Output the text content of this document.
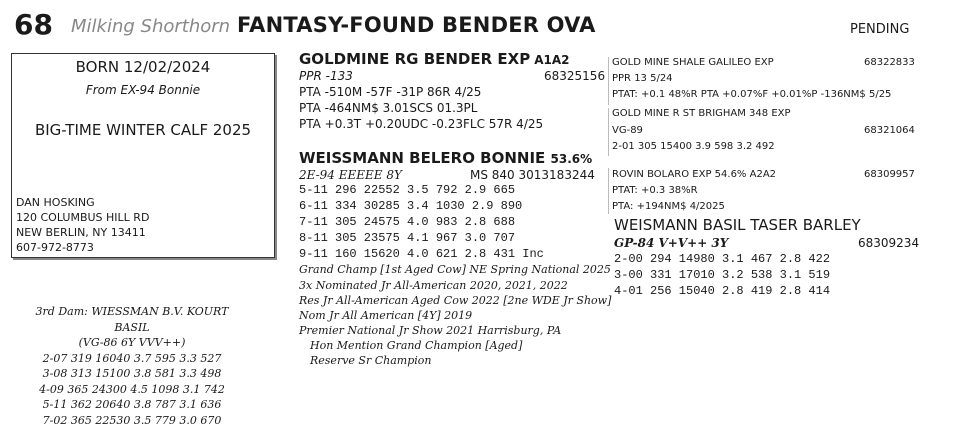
68 Milking Shorthorn FANTASY-FOUND BENDER OVA	PENDING
BORN 12/02/2024
From EX-94 Bonnie
BIG-TIME WINTER CALF 2025
DAN HOSKING
120 COLUMBUS HILL RD
NEW BERLIN, NY 13411
607-972-8773
3rd Dam: WIESSMAN B.V. KOURT BASIL
(VG-86 6Y VVV++)
2-07 319 16040 3.7 595 3.3 527
3-08 313 15100 3.8 581 3.3 498
4-09 365 24300 4.5 1098 3.1 742
5-11 362 20640 3.8 787 3.1 636
7-02 365 22530 3.5 779 3.0 670
GOLDMINE RG BENDER EXP A1A2
PPR -133	68325156
PTA -510M -57F -31P 86R 4/25
PTA -464NM$ 3.01SCS 01.3PL
PTA +0.3T +0.20UDC -0.23FLC 57R 4/25
WEISSMANN BELERO BONNIE 53.6%
2E-94 EEEEE 8Y	MS 840 3013183244
5-11 296 22552 3.5 792 2.9 665
6-11 334 30285 3.4 1030 2.9 890
7-11 305 24575 4.0 983 2.8 688
8-11 305 23575 4.1 967 3.0 707
9-11 160 15620 4.0 621 2.8 431 Inc
Grand Champ [1st Aged Cow] NE Spring National 2025
3x Nominated Jr All-American 2020, 2021, 2022
Res Jr All-American Aged Cow 2022 [2ne WDE Jr Show]
Nom Jr All American [4Y] 2019
Premier National Jr Show 2021 Harrisburg, PA
Hon Mention Grand Champion [Aged]
Reserve Sr Champion
GOLD MINE SHALE GALILEO EXP	68322833
PPR 13 5/24
PTAT: +0.1 48%R PTA +0.07%F +0.01%P -136NM$ 5/25
GOLD MINE R ST BRIGHAM 348 EXP
VG-89	68321064
2-01 305 15400 3.9 598 3.2 492
ROVIN BOLARO EXP 54.6% A2A2	68309957
PTAT: +0.3 38%R
PTA: +194NM$ 4/2025
WEISMANN BASIL TASER BARLEY
GP-84 V+V++ 3Y	68309234
2-00 294 14980 3.1 467 2.8 422
3-00 331 17010 3.2 538 3.1 519
4-01 256 15040 2.8 419 2.8 414
